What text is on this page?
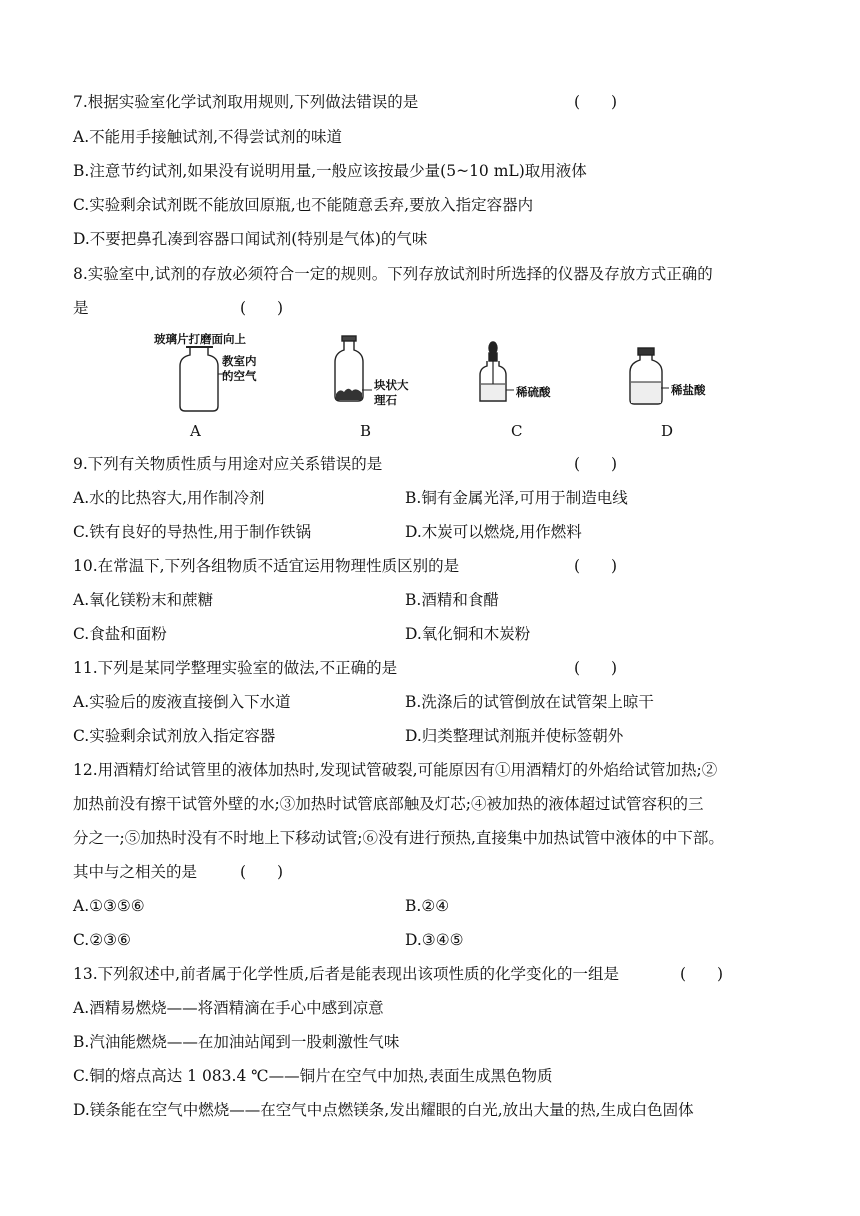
7.根据实验室化学试剂取用规则,下列做法错误的是	(　　)
A.不能用手接触试剂,不得尝试剂的味道
B.注意节约试剂,如果没有说明用量,一般应该按最少量(5~10 mL)取用液体
C.实验剩余试剂既不能放回原瓶,也不能随意丢弃,要放入指定容器内
D.不要把鼻孔凑到容器口闻试剂(特别是气体)的气味
8.实验室中,试剂的存放必须符合一定的规则。下列存放试剂时所选择的仪器及存放方式正确的
是	(　　)
玻璃片打磨面向上
教室内
的空气
块状大
理石
稀硫酸	稀盐酸
A	B	C	D
9.下列有关物质性质与用途对应关系错误的是	(　　)
A.水的比热容大,用作制冷剂	B.铜有金属光泽,可用于制造电线
C.铁有良好的导热性,用于制作铁锅	D.木炭可以燃烧,用作燃料
10.在常温下,下列各组物质不适宜运用物理性质区别的是	(　　)
A.氧化镁粉末和蔗糖	B.酒精和食醋
C.食盐和面粉	D.氧化铜和木炭粉
11.下列是某同学整理实验室的做法,不正确的是	(　　)
A.实验后的废液直接倒入下水道	B.洗涤后的试管倒放在试管架上晾干
C.实验剩余试剂放入指定容器	D.归类整理试剂瓶并使标签朝外
12.用酒精灯给试管里的液体加热时,发现试管破裂,可能原因有①用酒精灯的外焰给试管加热;②
加热前没有擦干试管外壁的水;③加热时试管底部触及灯芯;④被加热的液体超过试管容积的三
分之一;⑤加热时没有不时地上下移动试管;⑥没有进行预热,直接集中加热试管中液体的中下部。
其中与之相关的是	(　　)
A.①③⑤⑥	B.②④
C.②③⑥	D.③④⑤
13.下列叙述中,前者属于化学性质,后者是能表现出该项性质的化学变化的一组是	(　　)
A.酒精易燃烧——将酒精滴在手心中感到凉意
B.汽油能燃烧——在加油站闻到一股刺激性气味
C.铜的熔点高达 1 083.4 ℃——铜片在空气中加热,表面生成黑色物质
D.镁条能在空气中燃烧——在空气中点燃镁条,发出耀眼的白光,放出大量的热,生成白色固体
